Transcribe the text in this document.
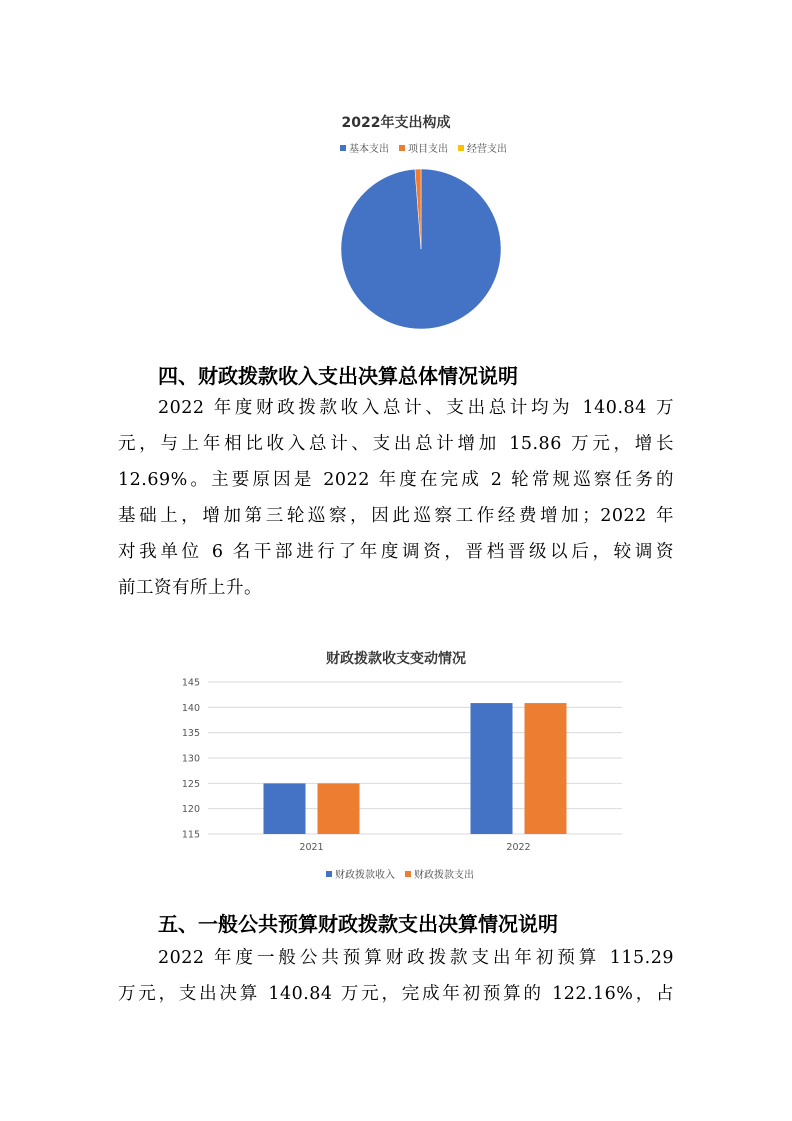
2022年支出构成
基本支出 项目支出 经营支出
四、财政拨款收入支出决算总体情况说明
2022 年度财政拨款收入总计、支出总计均为 140.84 万
元，与上年相比收入总计、支出总计增加 15.86 万元，增长
12.69%。主要原因是 2022 年度在完成 2 轮常规巡察任务的
基础上，增加第三轮巡察，因此巡察工作经费增加；2022 年
对我单位 6 名干部进行了年度调资，晋档晋级以后，较调资
前工资有所上升。
财政拨款收支变动情况
115
120
125
130
135
140
145
2021	2022
财政拨款收入 财政拨款支出
五、一般公共预算财政拨款支出决算情况说明
2022 年度一般公共预算财政拨款支出年初预算 115.29
万元，支出决算 140.84 万元，完成年初预算的 122.16%，占
